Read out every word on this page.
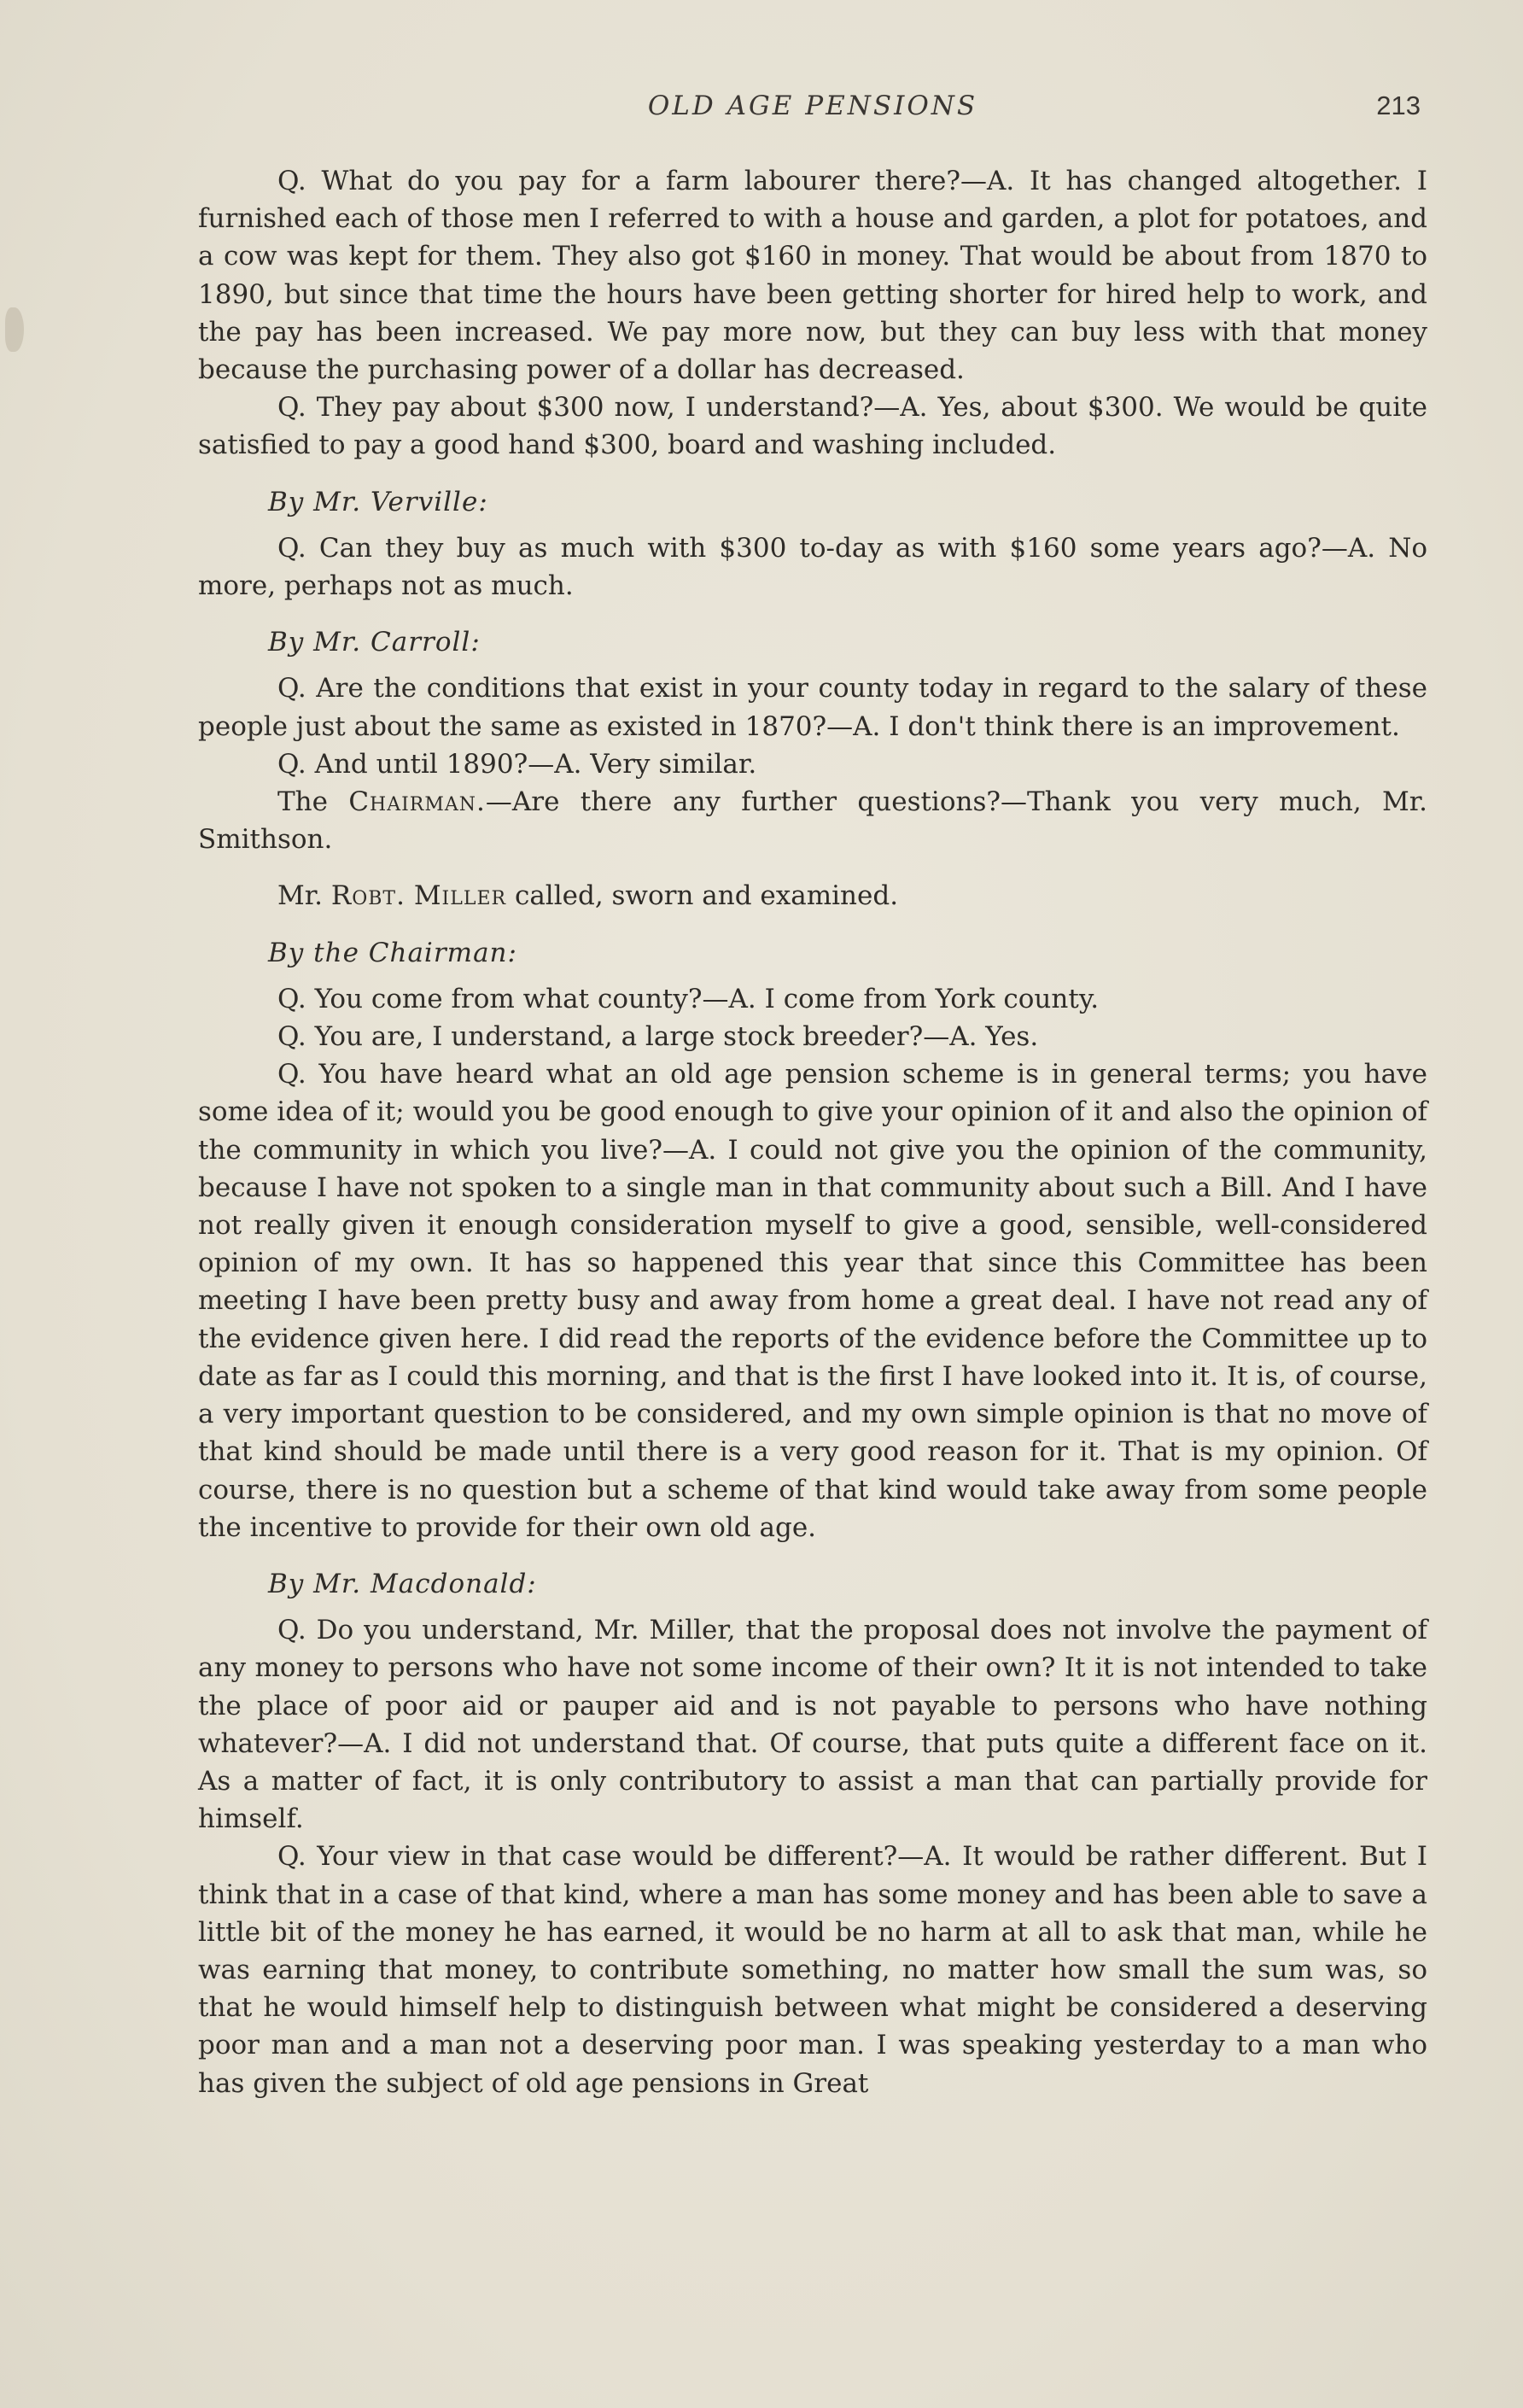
OLD AGE PENSIONS	213

Q. What do you pay for a farm labourer there?—A. It has changed altogether. I furnished each of those men I referred to with a house and garden, a plot for potatoes, and a cow was kept for them. They also got $160 in money. That would be about from 1870 to 1890, but since that time the hours have been getting shorter for hired help to work, and the pay has been increased. We pay more now, but they can buy less with that money because the purchasing power of a dollar has decreased.

Q. They pay about $300 now, I understand?—A. Yes, about $300. We would be quite satisfied to pay a good hand $300, board and washing included.

By Mr. Verville:

Q. Can they buy as much with $300 to-day as with $160 some years ago?—A. No more, perhaps not as much.

By Mr. Carroll:

Q. Are the conditions that exist in your county today in regard to the salary of these people just about the same as existed in 1870?—A. I don't think there is an improvement.

Q. And until 1890?—A. Very similar.

The Chairman.—Are there any further questions?—Thank you very much, Mr. Smithson.

Mr. Robt. Miller called, sworn and examined.

By the Chairman:

Q. You come from what county?—A. I come from York county.

Q. You are, I understand, a large stock breeder?—A. Yes.

Q. You have heard what an old age pension scheme is in general terms; you have some idea of it; would you be good enough to give your opinion of it and also the opinion of the community in which you live?—A. I could not give you the opinion of the community, because I have not spoken to a single man in that community about such a Bill. And I have not really given it enough consideration myself to give a good, sensible, well-considered opinion of my own. It has so happened this year that since this Committee has been meeting I have been pretty busy and away from home a great deal. I have not read any of the evidence given here. I did read the reports of the evidence before the Committee up to date as far as I could this morning, and that is the first I have looked into it. It is, of course, a very important question to be considered, and my own simple opinion is that no move of that kind should be made until there is a very good reason for it. That is my opinion. Of course, there is no question but a scheme of that kind would take away from some people the incentive to provide for their own old age.

By Mr. Macdonald:

Q. Do you understand, Mr. Miller, that the proposal does not involve the payment of any money to persons who have not some income of their own? It it is not intended to take the place of poor aid or pauper aid and is not payable to persons who have nothing whatever?—A. I did not understand that. Of course, that puts quite a different face on it. As a matter of fact, it is only contributory to assist a man that can partially provide for himself.

Q. Your view in that case would be different?—A. It would be rather different. But I think that in a case of that kind, where a man has some money and has been able to save a little bit of the money he has earned, it would be no harm at all to ask that man, while he was earning that money, to contribute something, no matter how small the sum was, so that he would himself help to distinguish between what might be considered a deserving poor man and a man not a deserving poor man. I was speaking yesterday to a man who has given the subject of old age pensions in Great
